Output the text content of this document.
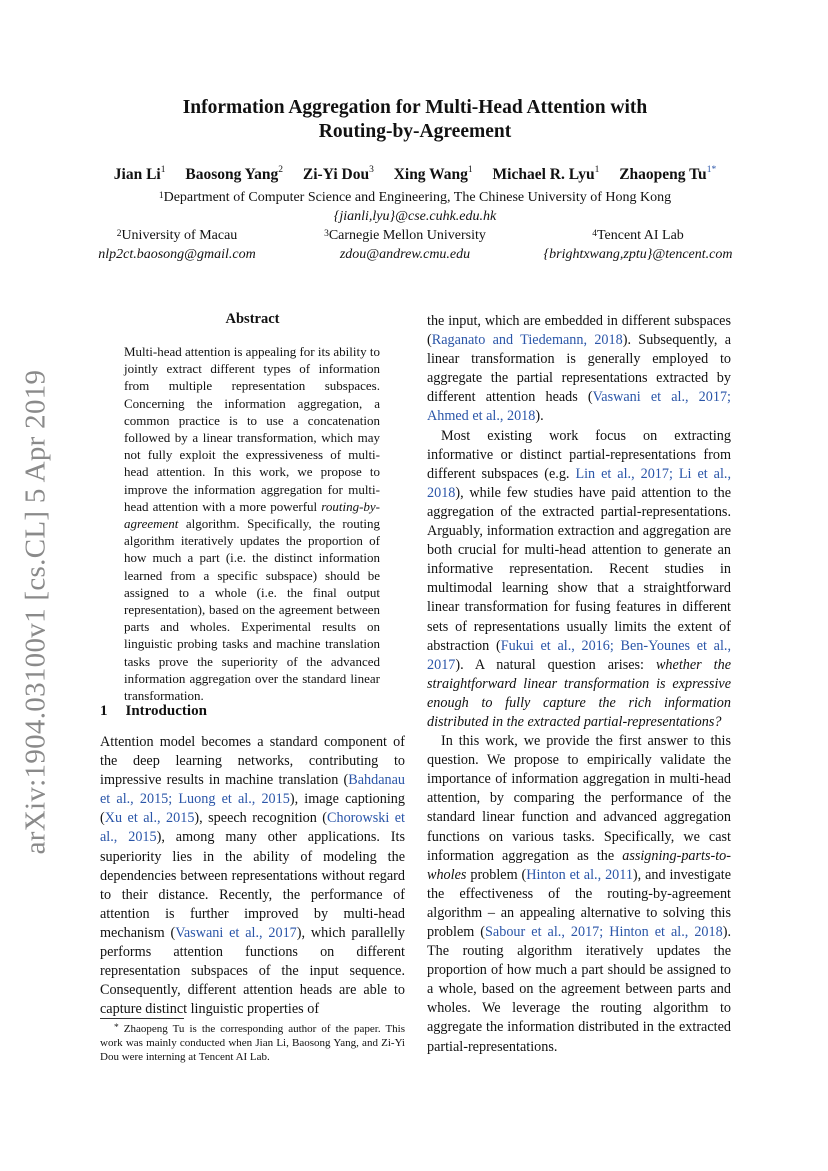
arXiv:1904.03100v1 [cs.CL] 5 Apr 2019
Information Aggregation for Multi-Head Attention with
Routing-by-Agreement
Jian Li$^1$ Baosong Yang$^2$ Zi-Yi Dou$^3$ Xing Wang$^1$ Michael R. Lyu$^1$ Zhaopeng Tu$^{1*}$
$^1$Department of Computer Science and Engineering, The Chinese University of Hong Kong
{jianli,lyu}@cse.cuhk.edu.hk
$^2$University of Macau
nlp2ct.baosong@gmail.com
$^3$Carnegie Mellon University
zdou@andrew.cmu.edu
$^4$Tencent AI Lab
{brightxwang,zptu}@tencent.com
Abstract
Multi-head attention is appealing for its ability to jointly extract different types of information from multiple representation subspaces. Concerning the information aggregation, a common practice is to use a concatenation followed by a linear transformation, which may not fully exploit the expressiveness of multi-head attention. In this work, we propose to improve the information aggregation for multi-head attention with a more powerful routing-by-agreement algorithm. Specifically, the routing algorithm iteratively updates the proportion of how much a part (i.e. the distinct information learned from a specific subspace) should be assigned to a whole (i.e. the final output representation), based on the agreement between parts and wholes. Experimental results on linguistic probing tasks and machine translation tasks prove the superiority of the advanced information aggregation over the standard linear transformation.
1 Introduction
Attention model becomes a standard component of the deep learning networks, contributing to impressive results in machine translation (Bahdanau et al., 2015; Luong et al., 2015), image captioning (Xu et al., 2015), speech recognition (Chorowski et al., 2015), among many other applications. Its superiority lies in the ability of modeling the dependencies between representations without regard to their distance. Recently, the performance of attention is further improved by multi-head mechanism (Vaswani et al., 2017), which parallelly performs attention functions on different representation subspaces of the input sequence. Consequently, different attention heads are able to capture distinct linguistic properties of
* Zhaopeng Tu is the corresponding author of the paper. This work was mainly conducted when Jian Li, Baosong Yang, and Zi-Yi Dou were interning at Tencent AI Lab.

the input, which are embedded in different subspaces (Raganato and Tiedemann, 2018). Subsequently, a linear transformation is generally employed to aggregate the partial representations extracted by different attention heads (Vaswani et al., 2017; Ahmed et al., 2018).

Most existing work focus on extracting informative or distinct partial-representations from different subspaces (e.g. Lin et al., 2017; Li et al., 2018), while few studies have paid attention to the aggregation of the extracted partial-representations. Arguably, information extraction and aggregation are both crucial for multi-head attention to generate an informative representation. Recent studies in multimodal learning show that a straightforward linear transformation for fusing features in different sets of representations usually limits the extent of abstraction (Fukui et al., 2016; Ben-Younes et al., 2017). A natural question arises: whether the straightforward linear transformation is expressive enough to fully capture the rich information distributed in the extracted partial-representations?

In this work, we provide the first answer to this question. We propose to empirically validate the importance of information aggregation in multi-head attention, by comparing the performance of the standard linear function and advanced aggregation functions on various tasks. Specifically, we cast information aggregation as the assigning-parts-to-wholes problem (Hinton et al., 2011), and investigate the effectiveness of the routing-by-agreement algorithm – an appealing alternative to solving this problem (Sabour et al., 2017; Hinton et al., 2018). The routing algorithm iteratively updates the proportion of how much a part should be assigned to a whole, based on the agreement between parts and wholes. We leverage the routing algorithm to aggregate the information distributed in the extracted partial-representations.
